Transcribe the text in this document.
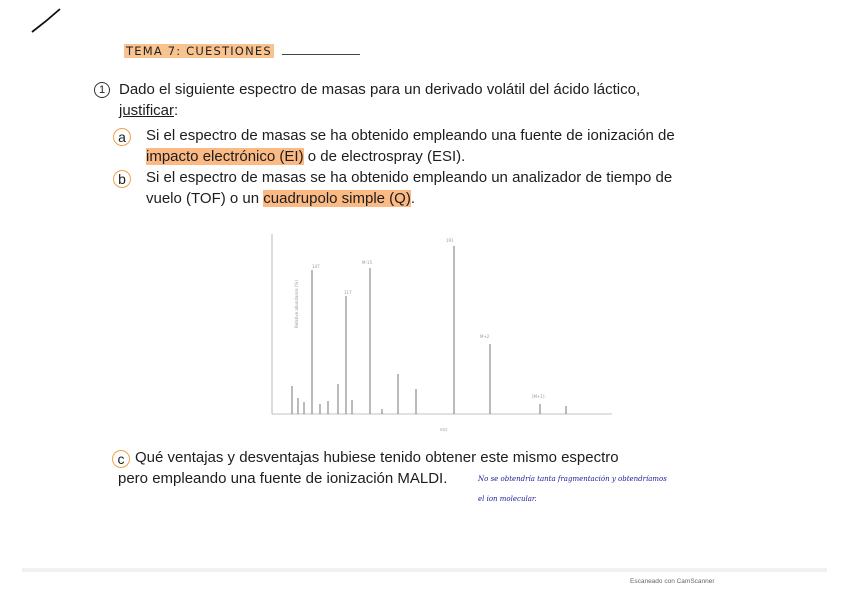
TEMA 7: CUESTIONES
1 Dado el siguiente espectro de masas para un derivado volátil del ácido láctico,
justificar:
a	Si el espectro de masas se ha obtenido empleando una fuente de ionización de
impacto electrónico (EI) o de electrospray (ESI).
b	Si el espectro de masas se ha obtenido empleando un analizador de tiempo de
vuelo (TOF) o un cuadrupolo simple (Q).
Relative abundance (%)
m/z
147
117
191
M-15
M+2
[M+1]⁻
c Qué ventajas y desventajas hubiese tenido obtener este mismo espectro
pero empleando una fuente de ionización MALDI.	No se obtendría tanta fragmentación y obtendríamos
el ion molecular.
Escaneado con CamScanner
